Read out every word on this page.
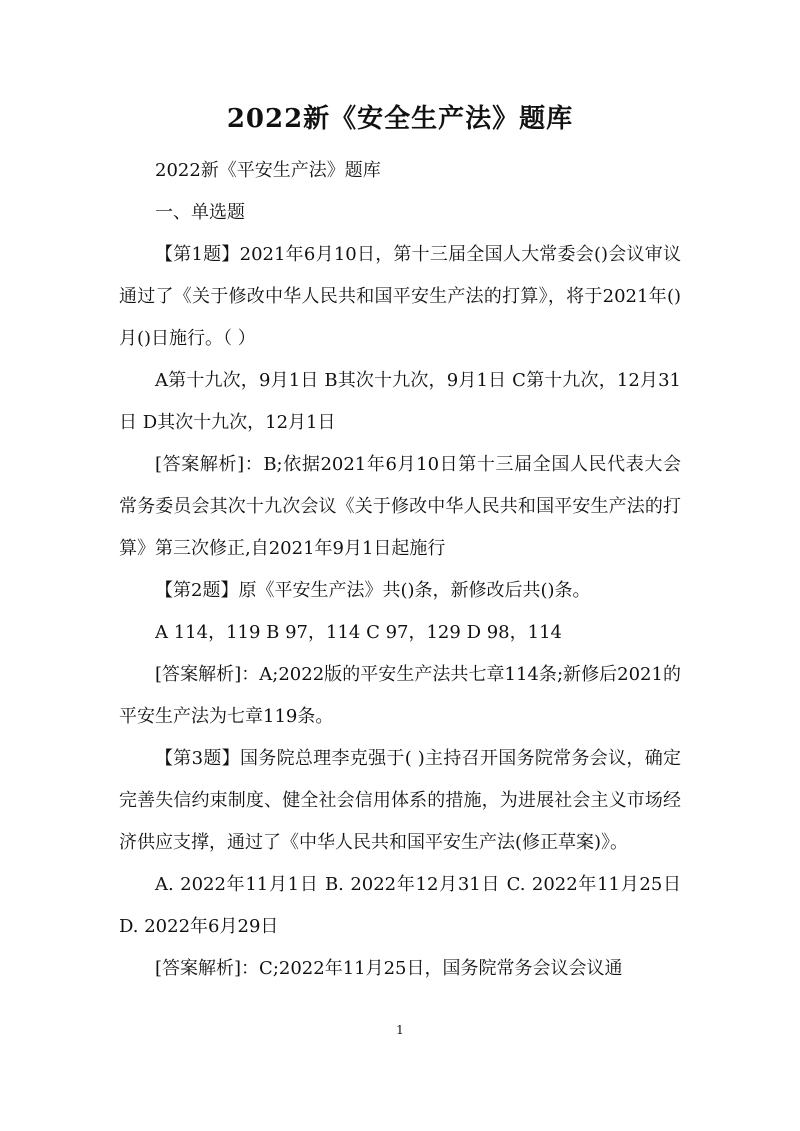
2022新《安全生产法》题库

2022新《平安生产法》题库

一、单选题

【第1题】2021年6月10日，第十三届全国人大常委会()会议审议通过了《关于修改中华人民共和国平安生产法的打算》，将于2021年()月()日施行。（ ）

A第十九次，9月1日 B其次十九次，9月1日 C第十九次，12月31日 D其次十九次，12月1日

[答案解析]：B;依据2021年6月10日第十三届全国人民代表大会常务委员会其次十九次会议《关于修改中华人民共和国平安生产法的打算》第三次修正,自2021年9月1日起施行

【第2题】原《平安生产法》共()条，新修改后共()条。

A 114，119 B 97，114 C 97，129 D 98，114

[答案解析]：A;2022版的平安生产法共七章114条;新修后2021的平安生产法为七章119条。

【第3题】国务院总理李克强于( )主持召开国务院常务会议，确定完善失信约束制度、健全社会信用体系的措施，为进展社会主义市场经济供应支撑，通过了《中华人民共和国平安生产法(修正草案)》。

A. 2022年11月1日 B. 2022年12月31日 C. 2022年11月25日 D. 2022年6月29日

[答案解析]：C;2022年11月25日，国务院常务会议会议通

1
